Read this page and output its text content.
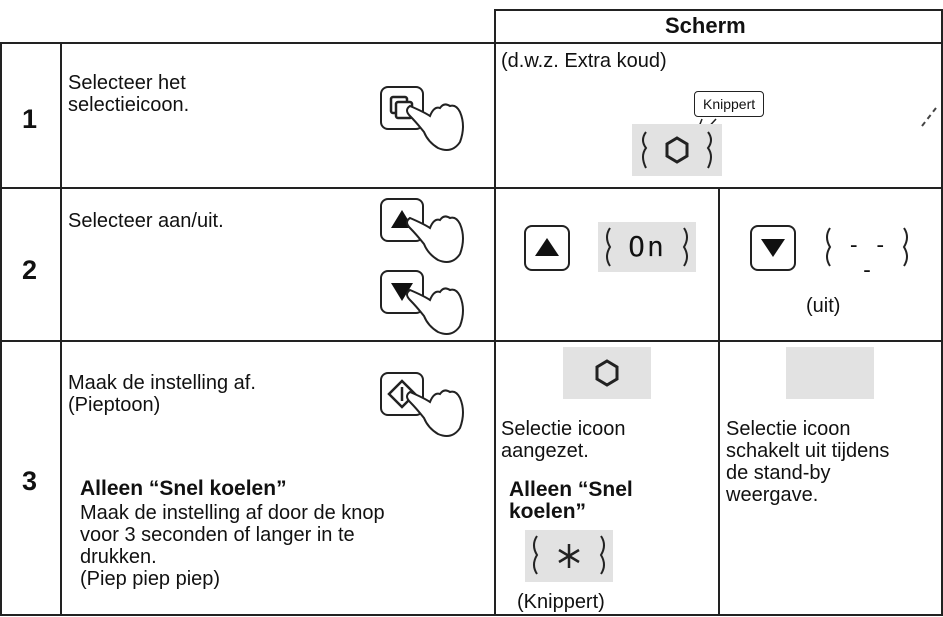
Scherm
1
Selecteer het
selectieicoon.
(d.w.z. Extra koud)
Knippert
2
Selecteer aan/uit.
On	- - -
(uit)
3
Maak de instelling af.
(Pieptoon)
Alleen “Snel koelen”
Maak de instelling af door de knop
voor 3 seconden of langer in te
drukken.
(Piep piep piep)
Selectie icoon
aangezet.
Alleen “Snel
koelen”
(Knippert)
Selectie icoon
schakelt uit tijdens
de stand-by
weergave.
